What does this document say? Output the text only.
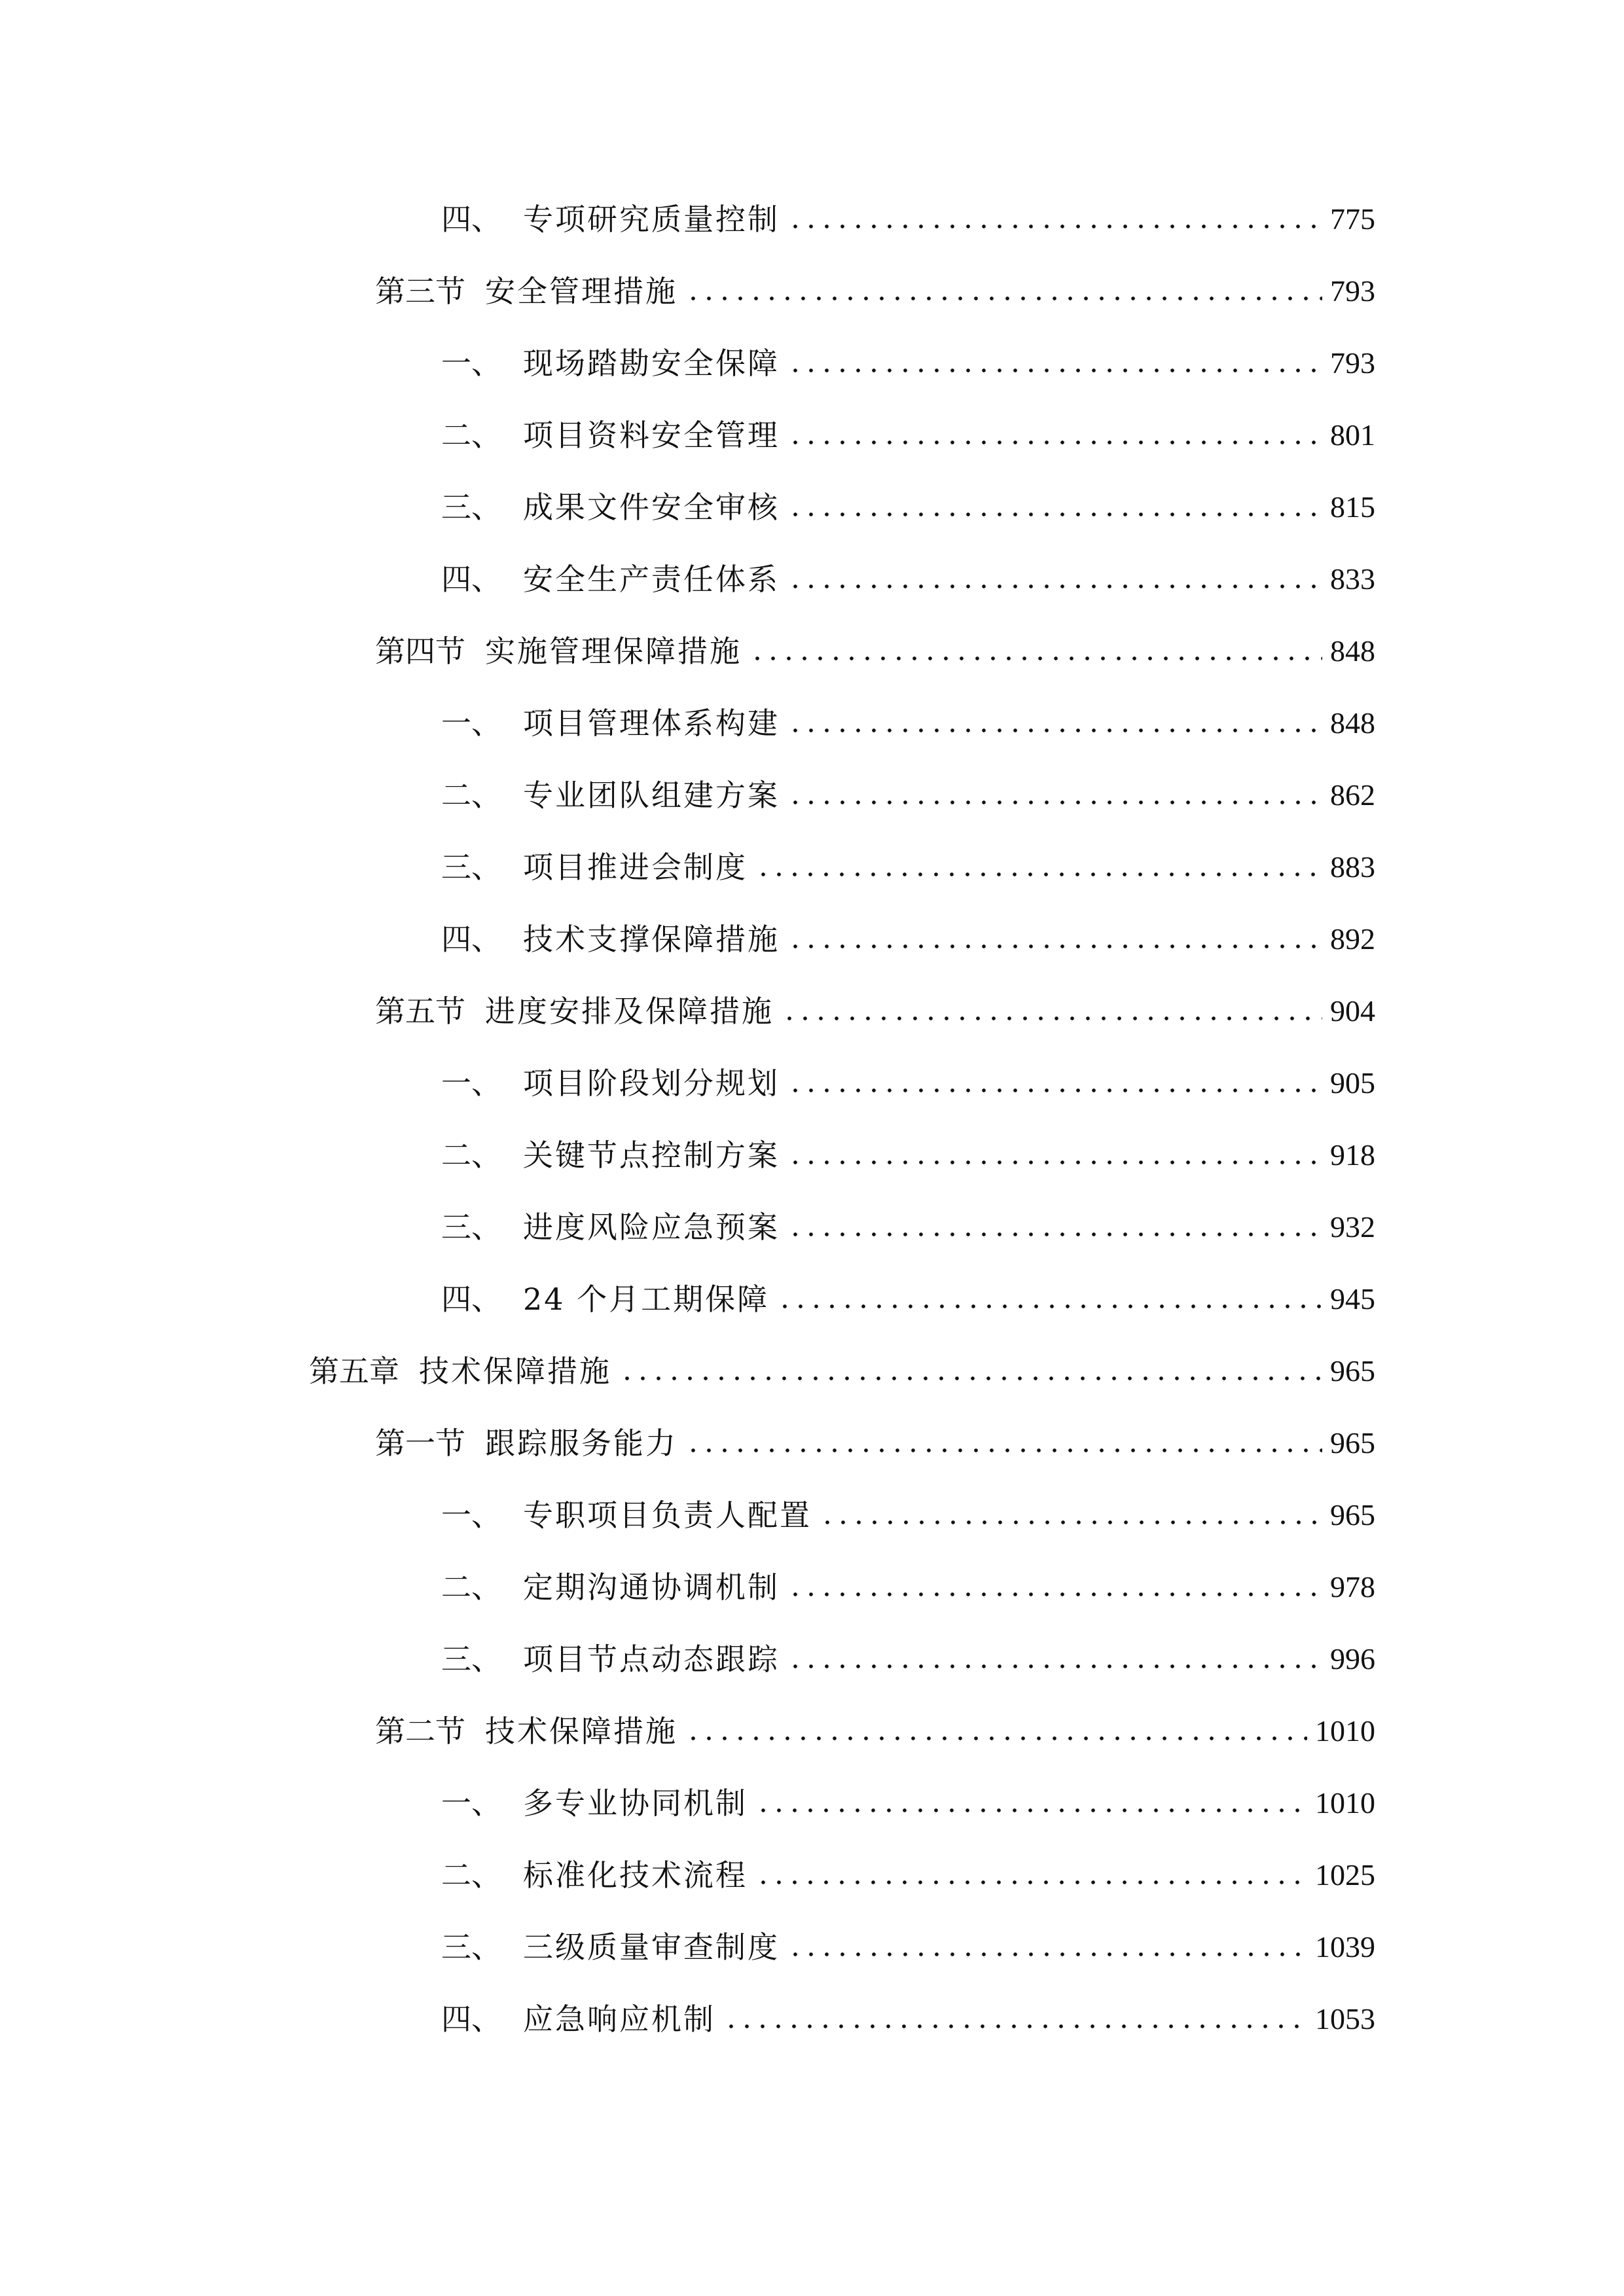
四、 专项研究质量控制	775
第三节 安全管理措施	793
一、 现场踏勘安全保障	793
二、 项目资料安全管理	801
三、 成果文件安全审核	815
四、 安全生产责任体系	833
第四节 实施管理保障措施	848
一、 项目管理体系构建	848
二、 专业团队组建方案	862
三、 项目推进会制度	883
四、 技术支撑保障措施	892
第五节 进度安排及保障措施	904
一、 项目阶段划分规划	905
二、 关键节点控制方案	918
三、 进度风险应急预案	932
四、 24 个月工期保障	945
第五章 技术保障措施	965
第一节 跟踪服务能力	965
一、 专职项目负责人配置	965
二、 定期沟通协调机制	978
三、 项目节点动态跟踪	996
第二节 技术保障措施	1010
一、 多专业协同机制	1010
二、 标准化技术流程	1025
三、 三级质量审查制度	1039
四、 应急响应机制	1053
